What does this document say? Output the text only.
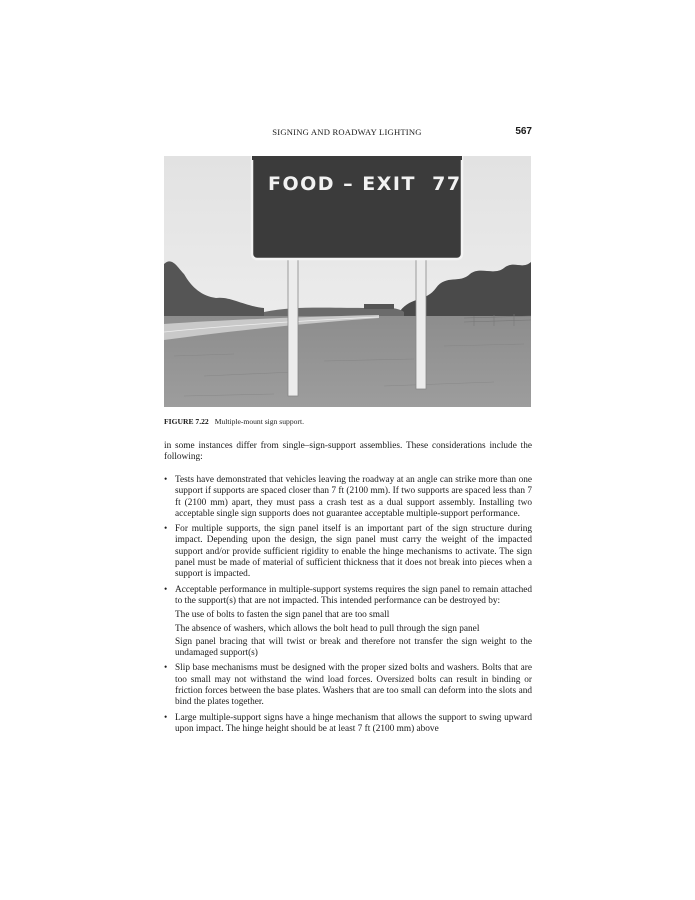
SIGNING AND ROADWAY LIGHTING	567
FOOD – EXIT  77
FIGURE 7.22 Multiple-mount sign support.
in some instances differ from single–sign-support assemblies. These considerations include the following:
• Tests have demonstrated that vehicles leaving the roadway at an angle can strike more than one support if supports are spaced closer than 7 ft (2100 mm). If two supports are spaced less than 7 ft (2100 mm) apart, they must pass a crash test as a dual support assembly. Installing two acceptable single sign supports does not guarantee acceptable multiple-support performance.
• For multiple supports, the sign panel itself is an important part of the sign structure during impact. Depending upon the design, the sign panel must carry the weight of the impacted support and/or provide sufficient rigidity to enable the hinge mechanisms to activate. The sign panel must be made of material of sufficient thickness that it does not break into pieces when a support is impacted.
• Acceptable performance in multiple-support systems requires the sign panel to remain attached to the support(s) that are not impacted. This intended performance can be destroyed by:
The use of bolts to fasten the sign panel that are too small
The absence of washers, which allows the bolt head to pull through the sign panel
Sign panel bracing that will twist or break and therefore not transfer the sign weight to the undamaged support(s)
• Slip base mechanisms must be designed with the proper sized bolts and washers. Bolts that are too small may not withstand the wind load forces. Oversized bolts can result in binding or friction forces between the base plates. Washers that are too small can deform into the slots and bind the plates together.
• Large multiple-support signs have a hinge mechanism that allows the support to swing upward upon impact. The hinge height should be at least 7 ft (2100 mm) above
